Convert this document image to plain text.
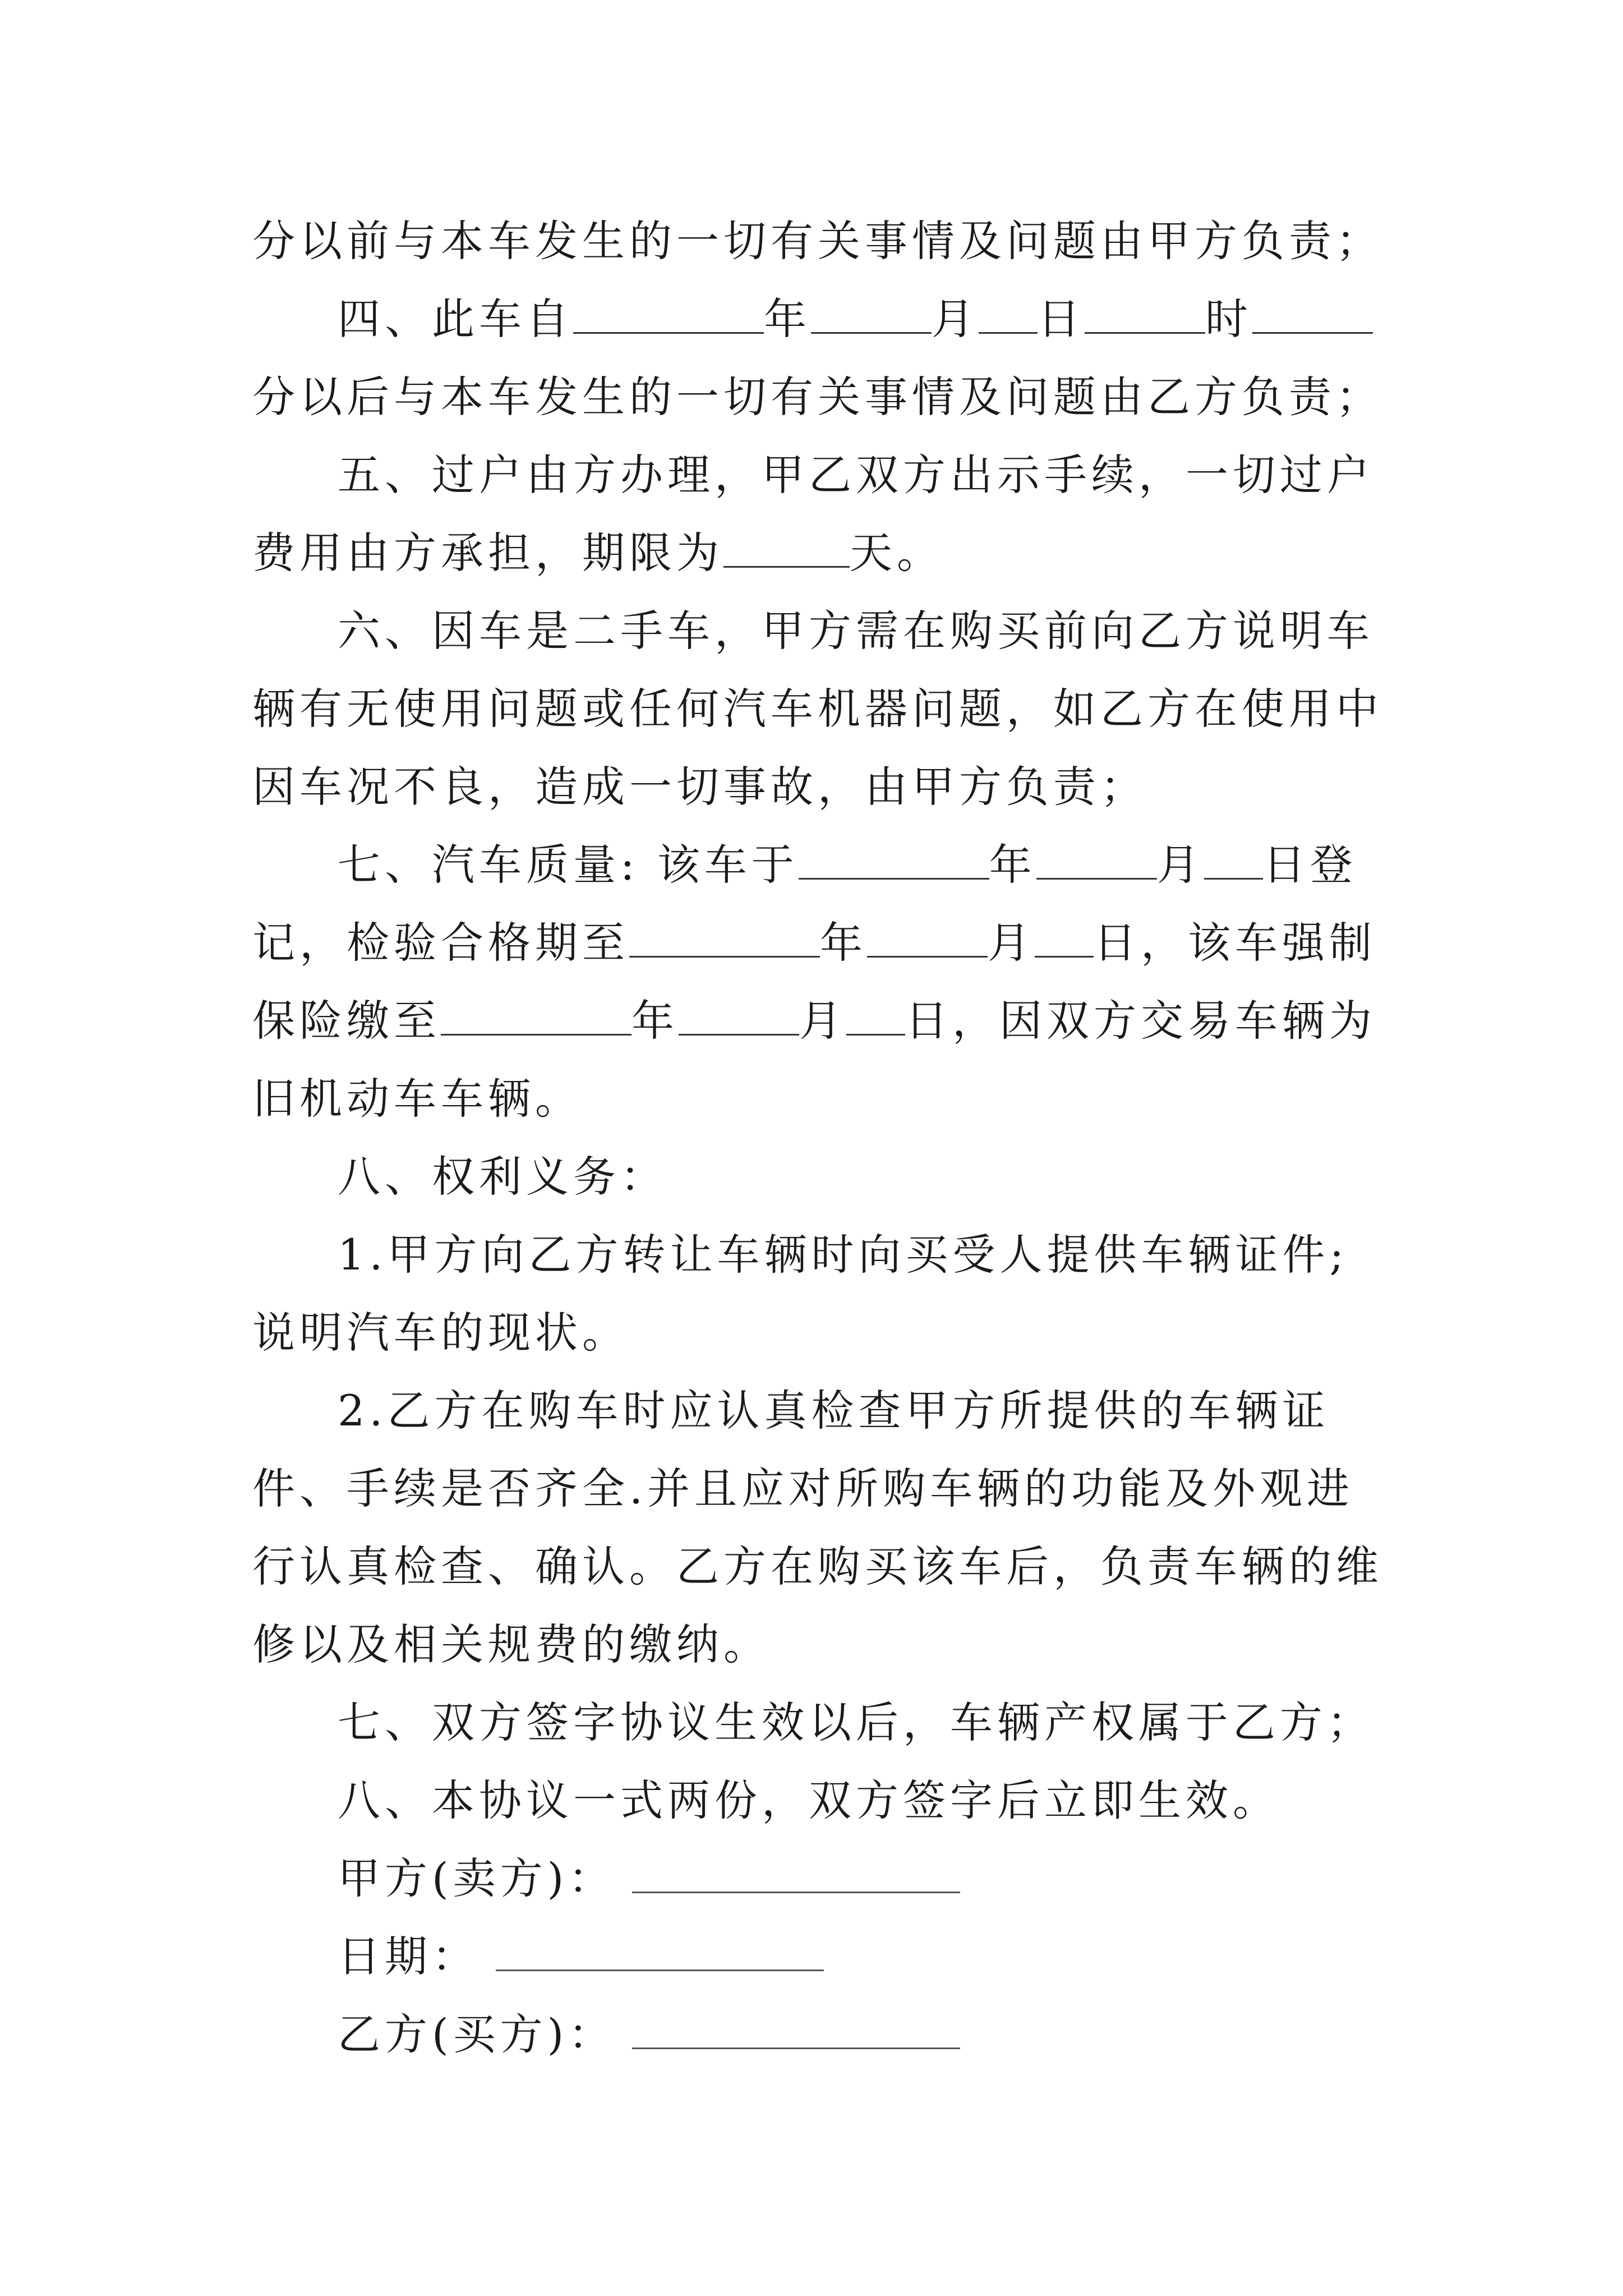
分以前与本车发生的一切有关事情及问题由甲方负责；

四、此车自	年	月 日	时分以后与本车发生的一切有关事情及问题由乙方负责；

五、过户由方办理，甲乙双方出示手续，一切过户费用由方承担，期限为	天。

六、因车是二手车，甲方需在购买前向乙方说明车辆有无使用问题或任何汽车机器问题，如乙方在使用中因车况不良，造成一切事故，由甲方负责；

七、汽车质量: 该车于	年	月 日登记，检验合格期至	年	月 日，该车强制保险缴至	年	月 日，因双方交易车辆为旧机动车车辆。

八、权利义务：

1.甲方向乙方转让车辆时向买受人提供车辆证件;说明汽车的现状。

2.乙方在购车时应认真检查甲方所提供的车辆证件、手续是否齐全.并且应对所购车辆的功能及外观进行认真检查、确认。乙方在购买该车后，负责车辆的维修以及相关规费的缴纳。

七、双方签字协议生效以后，车辆产权属于乙方；

八、本协议一式两份，双方签字后立即生效。

甲方(卖方)：

日期：

乙方(买方)：
